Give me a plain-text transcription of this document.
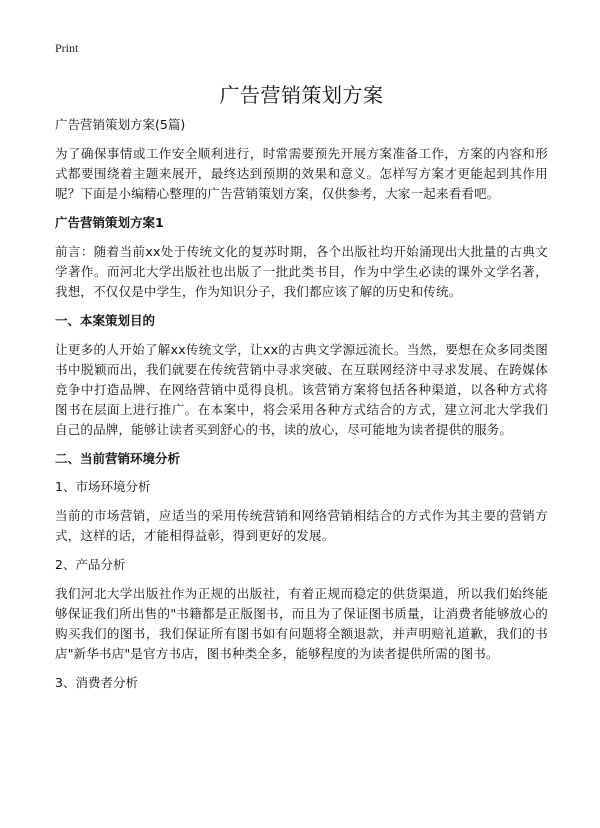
Print
广告营销策划方案
广告营销策划方案(5篇)

为了确保事情或工作安全顺利进行，时常需要预先开展方案准备工作，方案的内容和形式都要围绕着主题来展开，最终达到预期的效果和意义。怎样写方案才更能起到其作用呢？下面是小编精心整理的广告营销策划方案，仅供参考，大家一起来看看吧。

广告营销策划方案1

前言：随着当前xx处于传统文化的复苏时期，各个出版社均开始涌现出大批量的古典文学著作。而河北大学出版社也出版了一批此类书目，作为中学生必读的课外文学名著，我想，不仅仅是中学生，作为知识分子，我们都应该了解的历史和传统。

一、本案策划目的

让更多的人开始了解xx传统文学，让xx的古典文学源远流长。当然，要想在众多同类图书中脱颖而出，我们就要在传统营销中寻求突破、在互联网经济中寻求发展、在跨媒体竞争中打造品牌、在网络营销中觅得良机。该营销方案将包括各种渠道，以各种方式将图书在层面上进行推广。在本案中，将会采用各种方式结合的方式，建立河北大学我们自己的品牌，能够让读者买到舒心的书，读的放心，尽可能地为读者提供的服务。

二、当前营销环境分析
1、市场环境分析

当前的市场营销，应适当的采用传统营销和网络营销相结合的方式作为其主要的营销方式，这样的话，才能相得益彰，得到更好的发展。

2、产品分析

我们河北大学出版社作为正规的出版社，有着正规而稳定的供货渠道，所以我们始终能够保证我们所出售的"书籍都是正版图书，而且为了保证图书质量，让消费者能够放心的购买我们的图书，我们保证所有图书如有问题将全额退款，并声明赔礼道歉，我们的书店"新华书店"是官方书店，图书种类全多，能够程度的为读者提供所需的图书。

3、消费者分析
